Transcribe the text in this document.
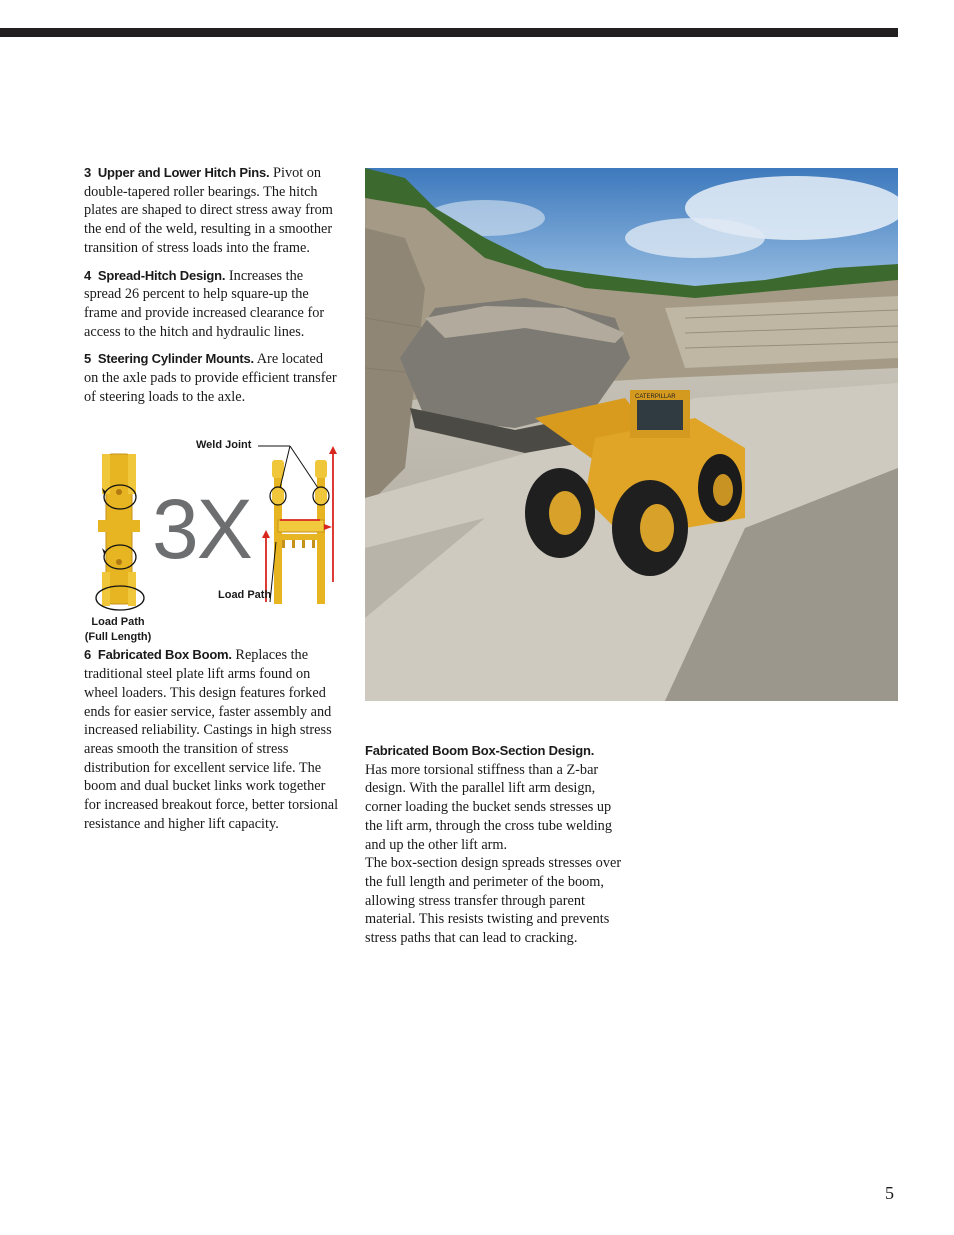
3 Upper and Lower Hitch Pins. Pivot on double-tapered roller bearings. The hitch plates are shaped to direct stress away from the end of the weld, resulting in a smoother transition of stress loads into the frame.

4 Spread-Hitch Design. Increases the spread 26 percent to help square-up the frame and provide increased clearance for access to the hitch and hydraulic lines.

5 Steering Cylinder Mounts. Are located on the axle pads to provide efficient transfer of steering loads to the axle.

6 Fabricated Box Boom. Replaces the traditional steel plate lift arms found on wheel loaders. This design features forked ends for easier service, faster assembly and increased reliability. Castings in high stress areas smooth the transition of stress distribution for excellent service life. The boom and dual bucket links work together for increased breakout force, better torsional resistance and higher lift capacity.

3X
Weld Joint
Load Path
Load Path
(Full Length)
CATERPILLAR

Fabricated Boom Box-Section Design.
Has more torsional stiffness than a Z-bar design. With the parallel lift arm design, corner loading the bucket sends stresses up the lift arm, through the cross tube welding and up the other lift arm.
The box-section design spreads stresses over the full length and perimeter of the boom, allowing stress transfer through parent material. This resists twisting and prevents stress paths that can lead to cracking.

5
